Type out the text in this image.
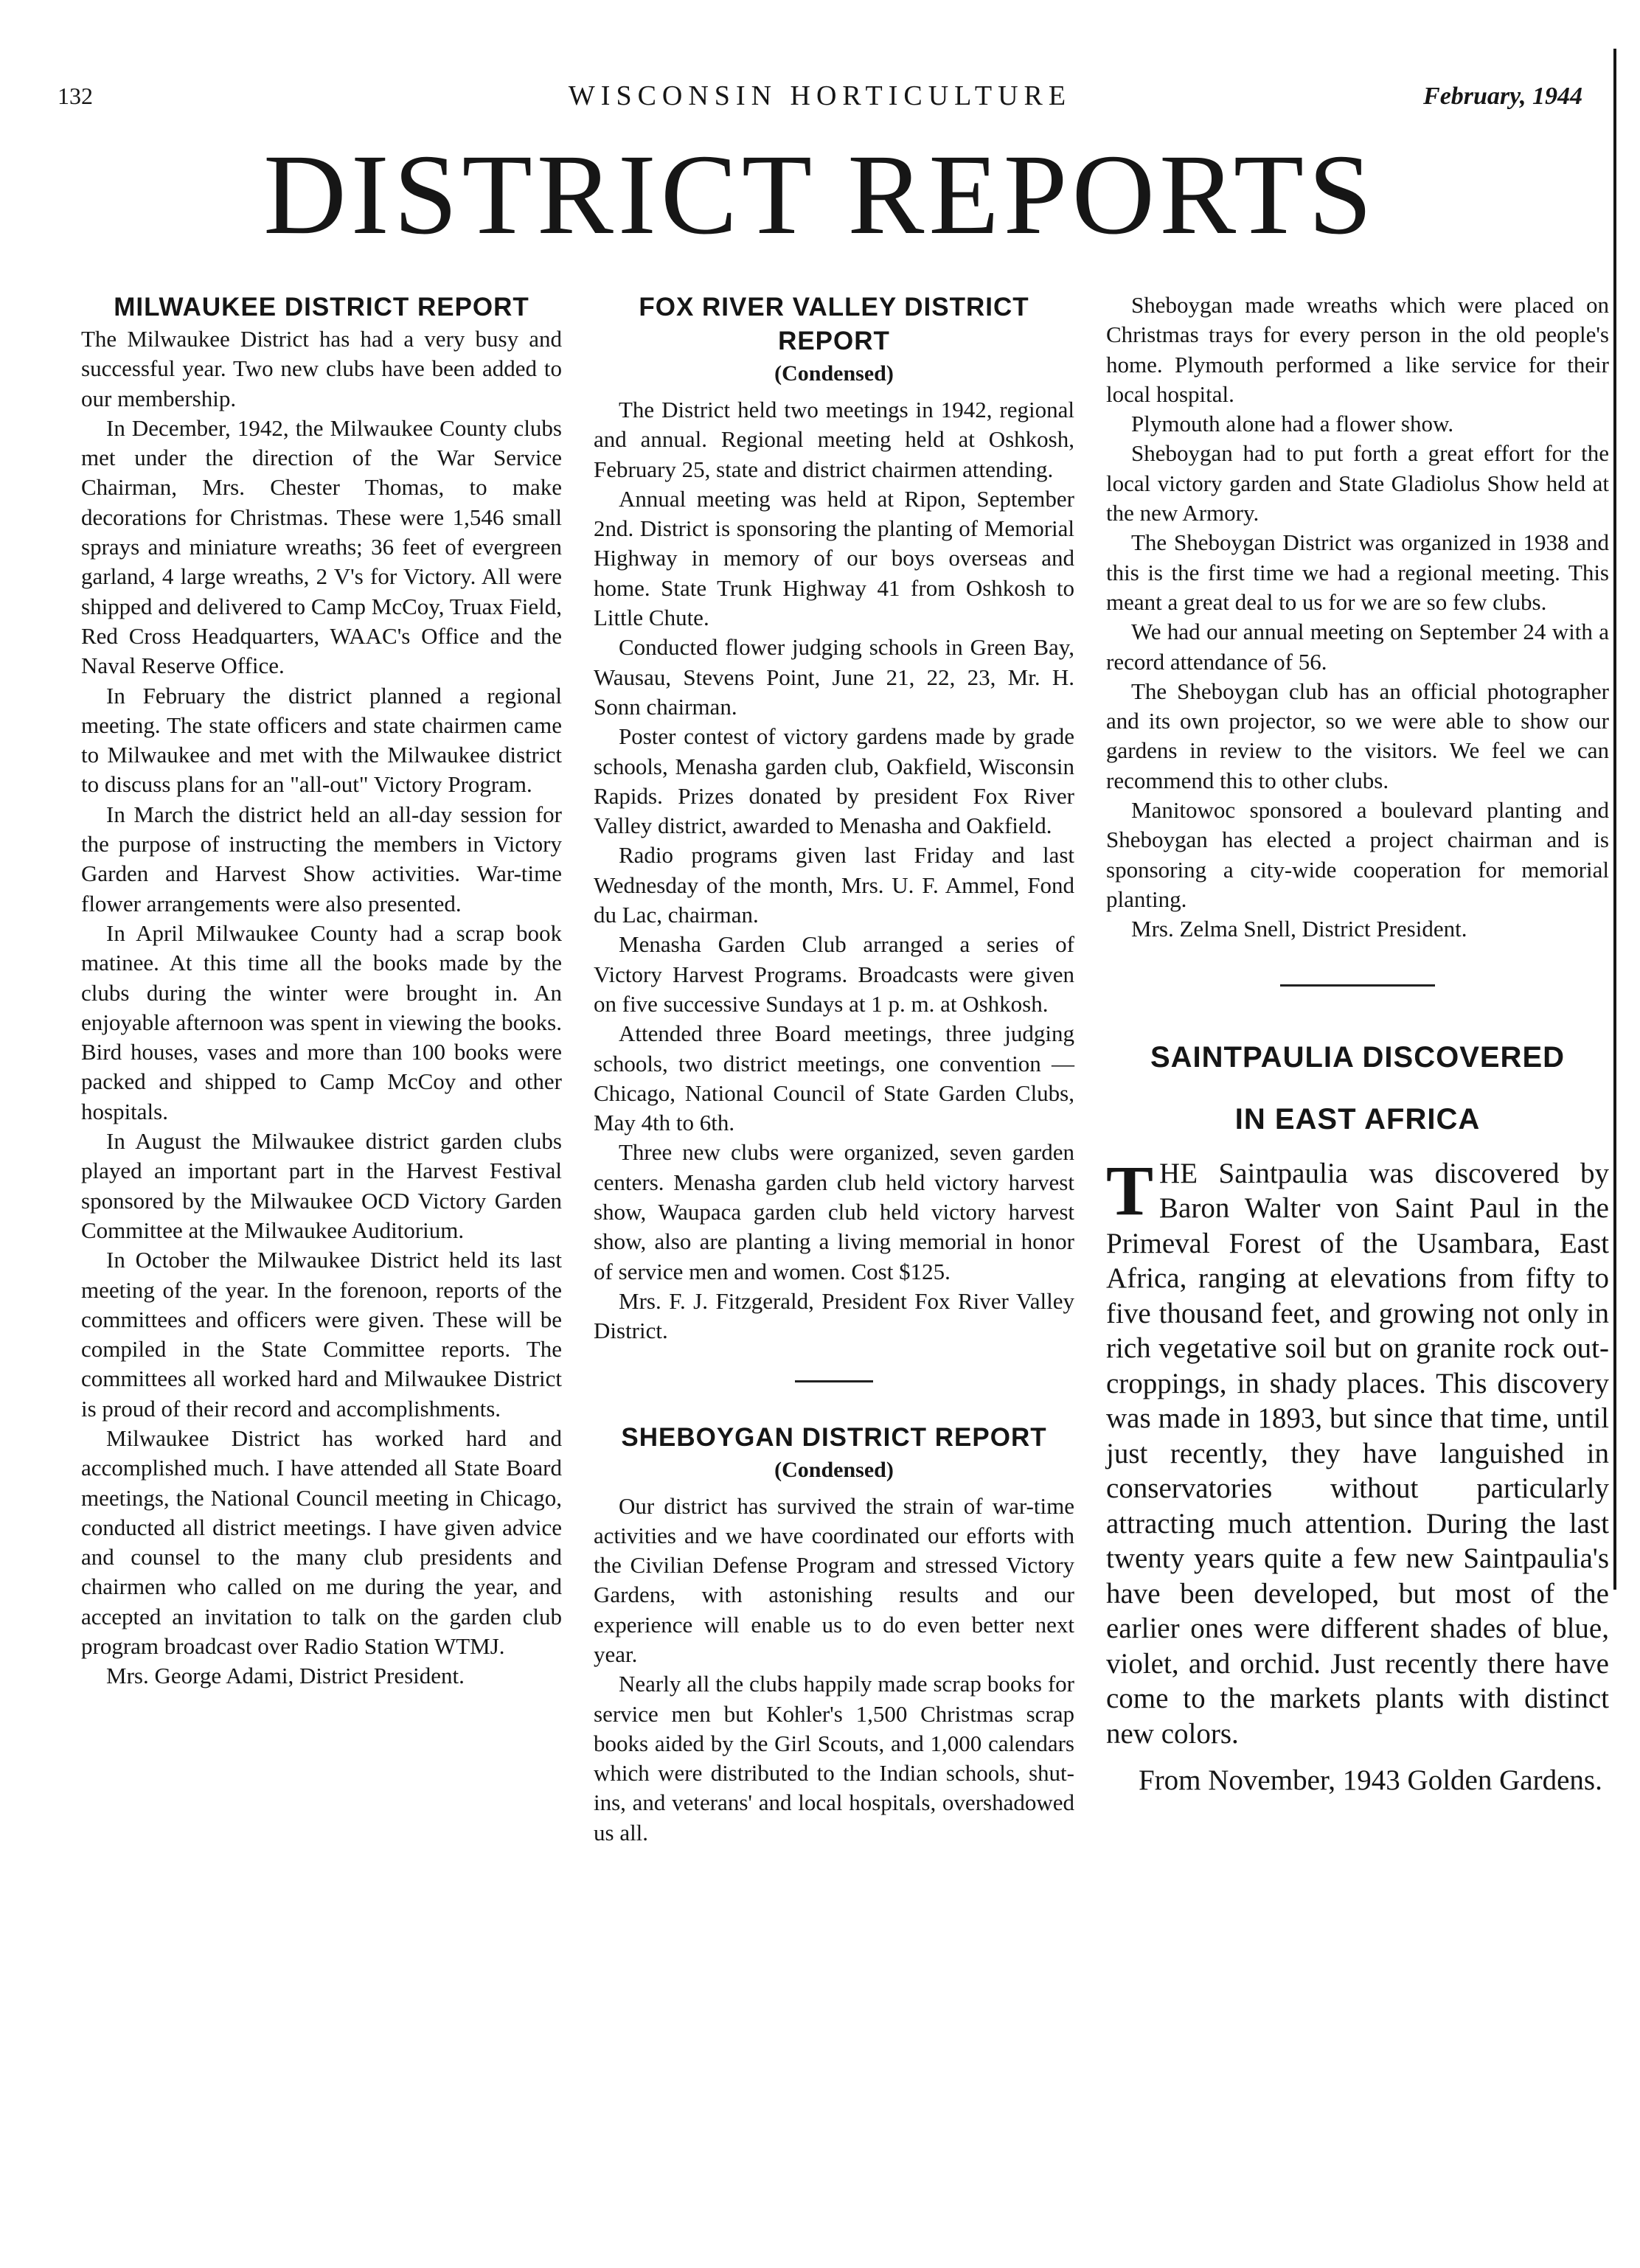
132	WISCONSIN HORTICULTURE	February, 1944
DISTRICT REPORTS
MILWAUKEE DISTRICT REPORT

The Milwaukee District has had a very busy and successful year. Two new clubs have been added to our membership.

In December, 1942, the Milwaukee County clubs met under the direction of the War Service Chairman, Mrs. Chester Thomas, to make decorations for Christmas. These were 1,546 small sprays and miniature wreaths; 36 feet of evergreen garland, 4 large wreaths, 2 V's for Victory. All were shipped and delivered to Camp McCoy, Truax Field, Red Cross Headquarters, WAAC's Office and the Naval Reserve Office.

In February the district planned a regional meeting. The state officers and state chairmen came to Milwaukee and met with the Milwaukee district to discuss plans for an "all-out" Victory Program.

In March the district held an all-day session for the purpose of instructing the members in Victory Garden and Harvest Show activities. War-time flower arrangements were also presented.

In April Milwaukee County had a scrap book matinee. At this time all the books made by the clubs during the winter were brought in. An enjoyable afternoon was spent in viewing the books. Bird houses, vases and more than 100 books were packed and shipped to Camp McCoy and other hospitals.

In August the Milwaukee district garden clubs played an important part in the Harvest Festival sponsored by the Milwaukee OCD Victory Garden Committee at the Milwaukee Auditorium.

In October the Milwaukee District held its last meeting of the year. In the forenoon, reports of the committees and officers were given. These will be compiled in the State Committee reports. The committees all worked hard and Milwaukee District is proud of their record and accomplishments.

Milwaukee District has worked hard and accomplished much. I have attended all State Board meetings, the National Council meeting in Chicago, conducted all district meetings. I have given advice and counsel to the many club presidents and chairmen who called on me during the year, and accepted an invitation to talk on the garden club program broadcast over Radio Station WTMJ.

Mrs. George Adami, District President.

FOX RIVER VALLEY DISTRICT REPORT
(Condensed)

The District held two meetings in 1942, regional and annual. Regional meeting held at Oshkosh, February 25, state and district chairmen attending.

Annual meeting was held at Ripon, September 2nd. District is sponsoring the planting of Memorial Highway in memory of our boys overseas and home. State Trunk Highway 41 from Oshkosh to Little Chute.

Conducted flower judging schools in Green Bay, Wausau, Stevens Point, June 21, 22, 23, Mr. H. Sonn chairman.

Poster contest of victory gardens made by grade schools, Menasha garden club, Oakfield, Wisconsin Rapids. Prizes donated by president Fox River Valley district, awarded to Menasha and Oakfield.

Radio programs given last Friday and last Wednesday of the month, Mrs. U. F. Ammel, Fond du Lac, chairman.

Menasha Garden Club arranged a series of Victory Harvest Programs. Broadcasts were given on five successive Sundays at 1 p. m. at Oshkosh.

Attended three Board meetings, three judging schools, two district meetings, one convention — Chicago, National Council of State Garden Clubs, May 4th to 6th.

Three new clubs were organized, seven garden centers. Menasha garden club held victory harvest show, Waupaca garden club held victory harvest show, also are planting a living memorial in honor of service men and women. Cost $125.

Mrs. F. J. Fitzgerald, President Fox River Valley District.

SHEBOYGAN DISTRICT REPORT
(Condensed)

Our district has survived the strain of war-time activities and we have coordinated our efforts with the Civilian Defense Program and stressed Victory Gardens, with astonishing results and our experience will enable us to do even better next year.

Nearly all the clubs happily made scrap books for service men but Kohler's 1,500 Christmas scrap books aided by the Girl Scouts, and 1,000 calendars which were distributed to the Indian schools, shut-ins, and veterans' and local hospitals, overshadowed us all.

Sheboygan made wreaths which were placed on Christmas trays for every person in the old people's home. Plymouth performed a like service for their local hospital.

Plymouth alone had a flower show.

Sheboygan had to put forth a great effort for the local victory garden and State Gladiolus Show held at the new Armory.

The Sheboygan District was organized in 1938 and this is the first time we had a regional meeting. This meant a great deal to us for we are so few clubs.

We had our annual meeting on September 24 with a record attendance of 56.

The Sheboygan club has an official photographer and its own projector, so we were able to show our gardens in review to the visitors. We feel we can recommend this to other clubs.

Manitowoc sponsored a boulevard planting and Sheboygan has elected a project chairman and is sponsoring a city-wide cooperation for memorial planting.

Mrs. Zelma Snell, District President.

SAINTPAULIA DISCOVERED
IN EAST AFRICA

THE Saintpaulia was discovered by Baron Walter von Saint Paul in the Primeval Forest of the Usambara, East Africa, ranging at elevations from fifty to five thousand feet, and growing not only in rich vegetative soil but on granite rock out-croppings, in shady places. This discovery was made in 1893, but since that time, until just recently, they have languished in conservatories without particularly attracting much attention. During the last twenty years quite a few new Saintpaulia's have been developed, but most of the earlier ones were different shades of blue, violet, and orchid. Just recently there have come to the markets plants with distinct new colors.

From November, 1943 Golden Gardens.
